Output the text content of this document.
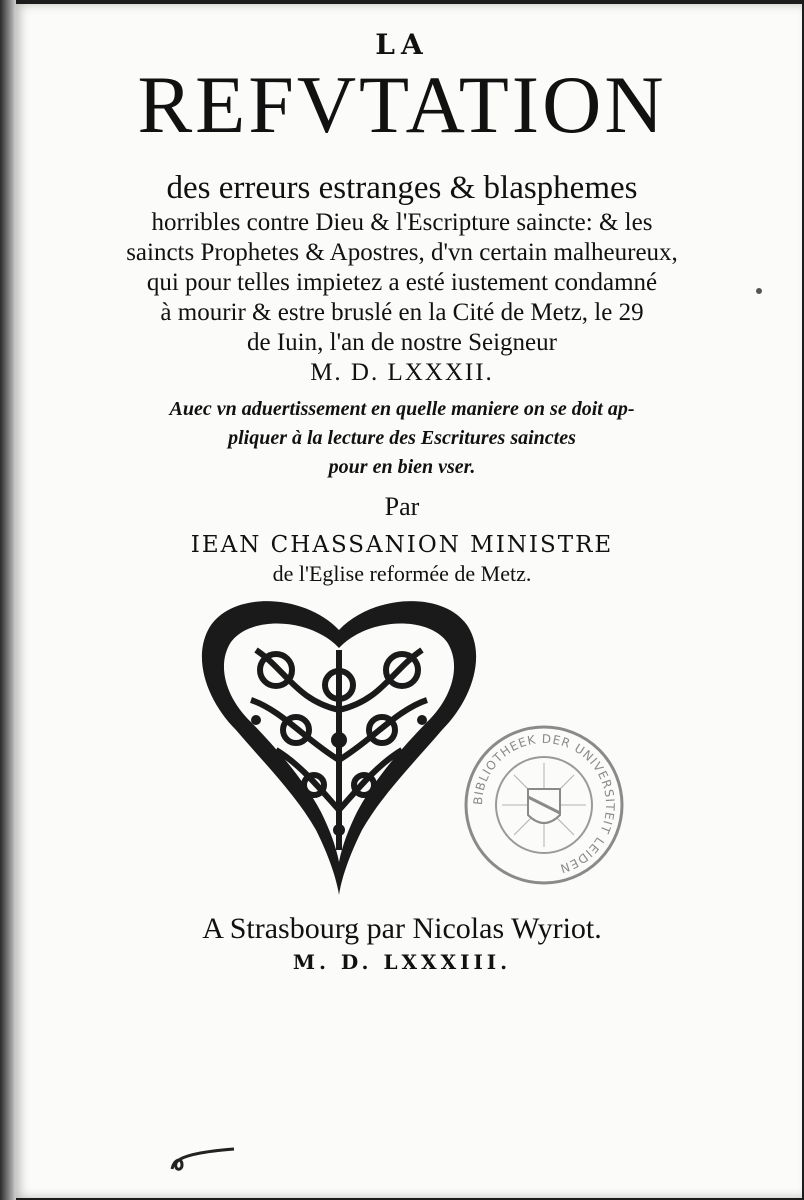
LA
REFVTATION
des erreurs estranges & blasphemes
horribles contre Dieu & l'Escripture saincte: & les
saincts Prophetes & Apostres, d'vn certain malheureux,
qui pour telles impietez a esté iustement condamné
à mourir & estre bruslé en la Cité de Metz, le 29
de Iuin, l'an de nostre Seigneur
M. D. LXXXII.
Auec vn aduertissement en quelle maniere on se doit ap-
pliquer à la lecture des Escritures sainctes
pour en bien vser.
Par
IEAN CHASSANION MINISTRE
de l'Eglise reformée de Metz.
BIBLIOTHEEK DER UNIVERSITEIT LEIDEN
A Strasbourg par Nicolas Wyriot.
M. D. LXXXIII.
